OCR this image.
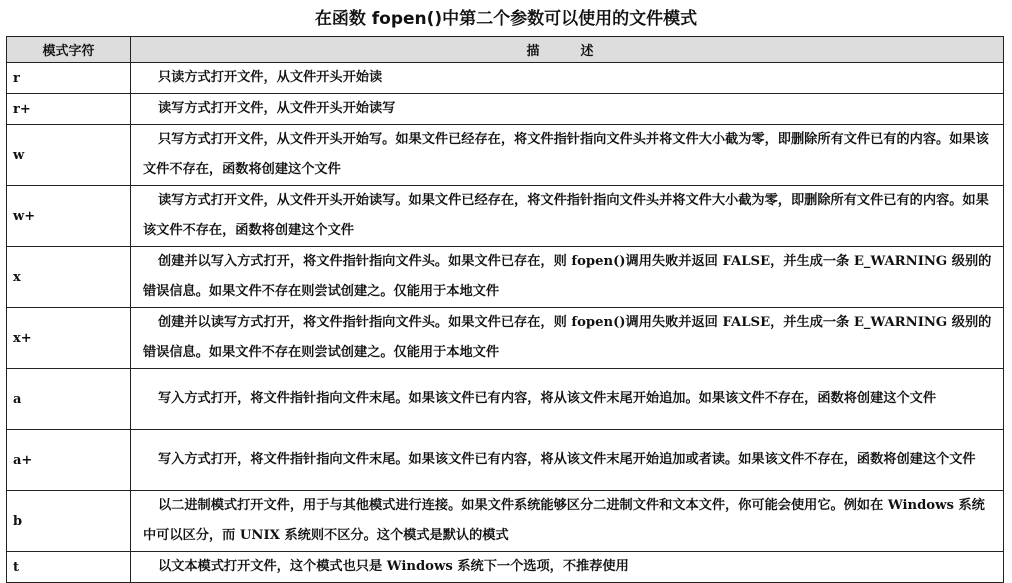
在函数 fopen()中第二个参数可以使用的文件模式
模式字符	描　述
r	只读方式打开文件，从文件开头开始读
r+	读写方式打开文件，从文件开头开始读写
w	只写方式打开文件，从文件开头开始写。如果文件已经存在，将文件指针指向文件头并将文件大小截为零，即删除所有文件已有的内容。如果该文件不存在，函数将创建这个文件
w+	读写方式打开文件，从文件开头开始读写。如果文件已经存在，将文件指针指向文件头并将文件大小截为零，即删除所有文件已有的内容。如果该文件不存在，函数将创建这个文件
x	创建并以写入方式打开，将文件指针指向文件头。如果文件已存在，则 fopen()调用失败并返回 FALSE，并生成一条 E_WARNING 级别的错误信息。如果文件不存在则尝试创建之。仅能用于本地文件
x+	创建并以读写方式打开，将文件指针指向文件头。如果文件已存在，则 fopen()调用失败并返回 FALSE，并生成一条 E_WARNING 级别的错误信息。如果文件不存在则尝试创建之。仅能用于本地文件
a	写入方式打开，将文件指针指向文件末尾。如果该文件已有内容，将从该文件末尾开始追加。如果该文件不存在，函数将创建这个文件
a+	写入方式打开，将文件指针指向文件末尾。如果该文件已有内容，将从该文件末尾开始追加或者读。如果该文件不存在，函数将创建这个文件
b	以二进制模式打开文件，用于与其他模式进行连接。如果文件系统能够区分二进制文件和文本文件，你可能会使用它。例如在 Windows 系统中可以区分，而 UNIX 系统则不区分。这个模式是默认的模式
t	以文本模式打开文件，这个模式也只是 Windows 系统下一个选项，不推荐使用
